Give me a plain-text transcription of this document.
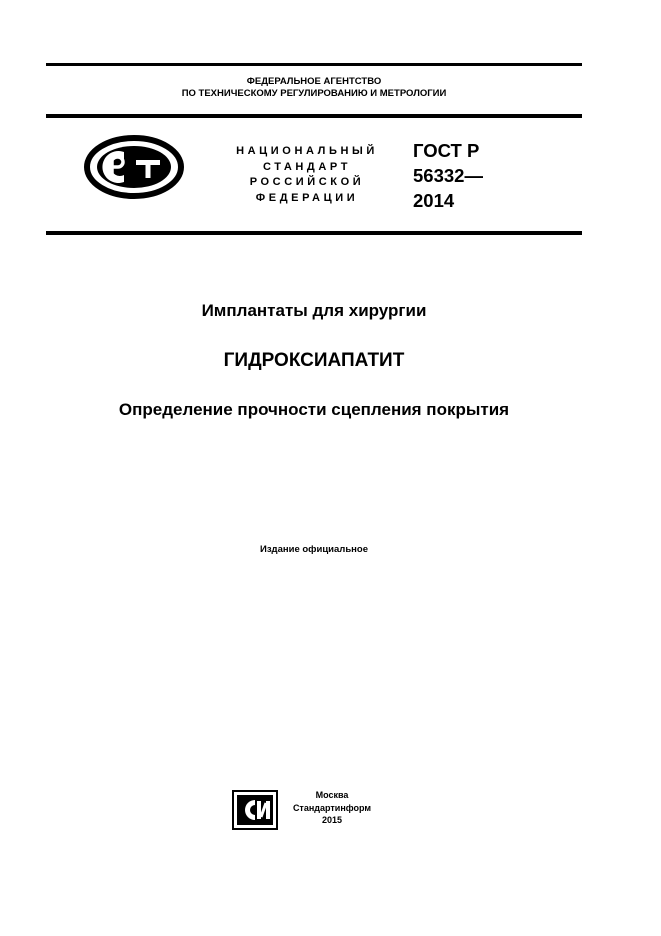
ФЕДЕРАЛЬНОЕ АГЕНТСТВО
ПО ТЕХНИЧЕСКОМУ РЕГУЛИРОВАНИЮ И МЕТРОЛОГИИ
НАЦИОНАЛЬНЫЙ
СТАНДАРТ
РОССИЙСКОЙ
ФЕДЕРАЦИИ
ГОСТ Р
56332—
2014
Имплантаты для хирургии
ГИДРОКСИАПАТИТ
Определение прочности сцепления покрытия
Издание официальное
Москва
Стандартинформ
2015
